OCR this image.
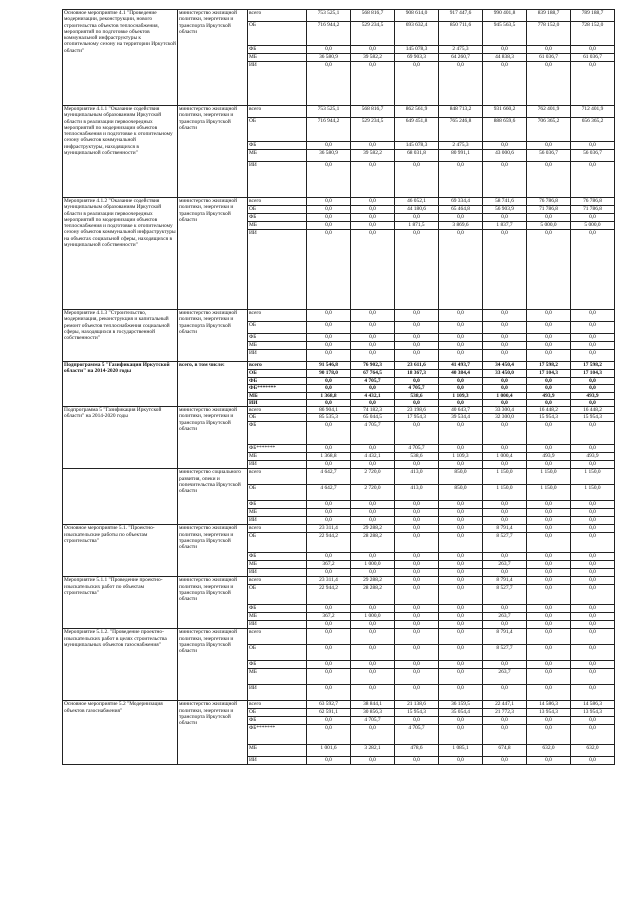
Основное мероприятие 4.1 "Проведение модернизации, реконструкции, нового строительства объектов теплоснабжения, мероприятий по подготовке объектов коммунальной инфраструктуры к отопительному сезону на территории Иркутской области"	министерство жилищной политики, энергетики и транспорта Иркутской области	всего	753 525,1	568 816,7	908 614,0	917 447,6	990 401,8	839 188,7	789 188,7
		ОБ	716 944,2	529 234,5	693 632,4	850 711,6	945 563,5	778 152,0	728 152,0
		ФБ	0,0	0,0	145 078,3	2 475,3	0,0	0,0	0,0
		МБ	36 580,9	39 582,2	69 903,3	64 260,7	44 838,3	61 036,7	61 036,7
		ИИ	0,0	0,0	0,0	0,0	0,0	0,0	0,0
Мероприятие 4.1.1 "Оказание содействия муниципальным образованиям Иркутской области в реализации первоочередных мероприятий по модернизации объектов теплоснабжения и подготовке к отопительному сезону объектов коммунальной инфраструктуры, находящихся в муниципальной собственности"	министерство жилищной политики, энергетики и транспорта Иркутской области	всего	753 525,1	568 816,7	862 561,9	848 713,2	931 660,2	762 401,9	712 401,9
		ОБ	716 944,2	529 234,5	649 451,8	765 246,8	888 659,6	706 365,2	656 365,2
		ФБ	0,0	0,0	145 078,3	2 475,3	0,0	0,0	0,0
		МБ	36 580,9	39 582,2	68 031,8	80 991,1	43 000,6	56 036,7	56 036,7
		ИИ	0,0	0,0	0,0	0,0	0,0	0,0	0,0
Мероприятие 4.1.2 "Оказание содействия муниципальным образованиям Иркутской области в реализации первоочередных мероприятий по модернизации объектов теплоснабжения и подготовке к отопительному сезону объектов коммунальной инфраструктуры на объектах социальной сферы, находящихся в муниципальной собственности"	министерство жилищной политики, энергетики и транспорта Иркутской области	всего	0,0	0,0	46 052,1	69 334,4	58 741,6	76 786,8	76 786,8
		ОБ	0,0	0,0	44 180,6	65 464,8	56 903,9	71 786,8	71 786,8
		ФБ	0,0	0,0	0,0	0,0	0,0	0,0	0,0
		МБ	0,0	0,0	1 871,5	3 869,6	1 837,7	5 000,0	5 000,0
		ИИ	0,0	0,0	0,0	0,0	0,0	0,0	0,0
Мероприятие 4.1.3 "Строительство, модернизация, реконструкция и капитальный ремонт объектов теплоснабжения социальной сферы, находящихся в государственной собственности"	министерство жилищной политики, энергетики и транспорта Иркутской области	всего	0,0	0,0	0,0	0,0	0,0	0,0	0,0
		ОБ	0,0	0,0	0,0	0,0	0,0	0,0	0,0
		ФБ	0,0	0,0	0,0	0,0	0,0	0,0	0,0
		МБ	0,0	0,0	0,0	0,0	0,0	0,0	0,0
		ИИ	0,0	0,0	0,0	0,0	0,0	0,0	0,0
Подпрограмма 5 "Газификация Иркутской области" на 2014-2020 годы	всего, в том числе:	всего	91 546,8	76 902,3	23 611,6	41 493,7	34 450,4	17 598,2	17 598,2
		ОБ	90 178,0	67 764,5	18 367,3	40 384,4	33 450,0	17 104,3	17 104,3
		ФБ	0,0	4 705,7	0,0	0,0	0,0	0,0	0,0
		ФБ*******	0,0	0,0	4 705,7	0,0	0,0	0,0	0,0
		МБ	1 368,8	4 432,1	538,6	1 109,3	1 000,4	493,9	493,9
		ИИ	0,0	0,0	0,0	0,0	0,0	0,0	0,0
Подпрограмма 5 "Газификация Иркутской области" на 2014-2020 годы	министерство жилищной политики, энергетики и транспорта Иркутской области	всего	86 904,1	74 182,3	23 198,6	40 643,7	33 300,4	16 448,2	16 448,2
		ОБ	85 535,3	65 044,5	17 954,3	39 534,4	32 300,0	15 954,3	15 954,3
		ФБ	0,0	4 705,7	0,0	0,0	0,0	0,0	0,0
		ФБ*******	0,0	0,0	4 705,7	0,0	0,0	0,0	0,0
		МБ	1 368,8	4 432,1	538,6	1 109,3	1 000,4	493,9	493,9
		ИИ	0,0	0,0	0,0	0,0	0,0	0,0	0,0
	министерство социального развития, опеки и попечительства Иркутской области	всего	4 642,7	2 720,0	413,0	850,0	1 150,0	1 150,0	1 150,0
		ОБ	4 642,7	2 720,0	413,0	850,0	1 150,0	1 150,0	1 150,0
		ФБ	0,0	0,0	0,0	0,0	0,0	0,0	0,0
		МБ	0,0	0,0	0,0	0,0	0,0	0,0	0,0
		ИИ	0,0	0,0	0,0	0,0	0,0	0,0	0,0
Основное мероприятие 5.1. "Проектно-изыскательские работы по объектам строительства"	министерство жилищной политики, энергетики и транспорта Иркутской области	всего	23 311,4	29 288,2	0,0	0,0	8 791,4	0,0	0,0
		ОБ	22 944,2	28 288,2	0,0	0,0	8 527,7	0,0	0,0
		ФБ	0,0	0,0	0,0	0,0	0,0	0,0	0,0
		МБ	367,2	1 000,0	0,0	0,0	263,7	0,0	0,0
		ИИ	0,0	0,0	0,0	0,0	0,0	0,0	0,0
Мероприятие 5.1.1 "Проведение проектно-изыскательских работ по объектам строительства"	министерство жилищной политики, энергетики и транспорта Иркутской области	всего	23 311,4	29 288,2	0,0	0,0	8 791,4	0,0	0,0
		ОБ	22 944,2	28 288,2	0,0	0,0	8 527,7	0,0	0,0
		ФБ	0,0	0,0	0,0	0,0	0,0	0,0	0,0
		МБ	367,2	1 000,0	0,0	0,0	263,7	0,0	0,0
		ИИ	0,0	0,0	0,0	0,0	0,0	0,0	0,0
Мероприятие 5.1.2. "Проведение проектно-изыскательских работ в целях строительства муниципальных объектов газоснабжения"	министерство жилищной политики, энергетики и транспорта Иркутской области	всего	0,0	0,0	0,0	0,0	8 791,4	0,0	0,0
		ОБ	0,0	0,0	0,0	0,0	8 527,7	0,0	0,0
		ФБ	0,0	0,0	0,0	0,0	0,0	0,0	0,0
		МБ	0,0	0,0	0,0	0,0	263,7	0,0	0,0
		ИИ	0,0	0,0	0,0	0,0	0,0	0,0	0,0
Основное мероприятие 5.2 "Модернизация объектов газоснабжения"	министерство жилищной политики, энергетики и транспорта Иркутской области	всего	63 592,7	38 844,1	21 138,6	36 159,5	22 447,1	14 586,3	14 586,3
		ОБ	62 591,1	30 856,3	15 954,3	35 054,4	21 772,3	13 954,3	13 954,3
		ФБ	0,0	4 705,7	0,0	0,0	0,0	0,0	0,0
		ФБ*******	0,0	0,0	4 705,7	0,0	0,0	0,0	0,0
		МБ	1 001,6	3 282,1	478,6	1 085,1	674,8	632,0	632,0
		ИИ	0,0	0,0	0,0	0,0	0,0	0,0	0,0
